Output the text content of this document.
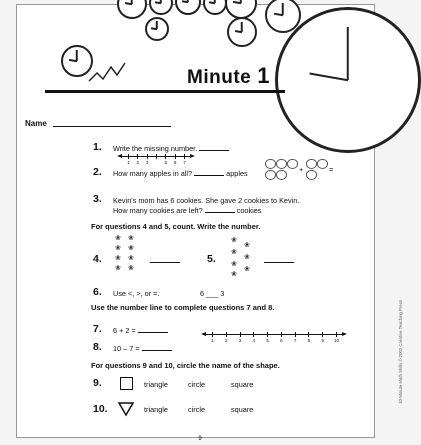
Minute 1
Name
1. Write the missing number.
1 2 3	5 6 7
2. How many apples in all?	apples	+	=
3. Kevin's mom has 6 cookies. She gave 2 cookies to Kevin.
How many cookies are left?	cookies
For questions 4 and 5, count. Write the number.
4.
❀ ❀
❀ ❀
❀ ❀
❀ ❀
5.
❀
❀
❀
❀
❀
❀
❀
6. Use <, >, or =.	6 ___ 3
Use the number line to complete questions 7 and 8.
7. 6 + 2 =
1 2 3 4 5 6 7 8 9 10
8. 10 – 7 =
For questions 9 and 10, circle the name of the shape.
9.	triangle	circle	square
10.	triangle	circle	square
10-Minute Math Skills © 2002 Creative Teaching Press
9
